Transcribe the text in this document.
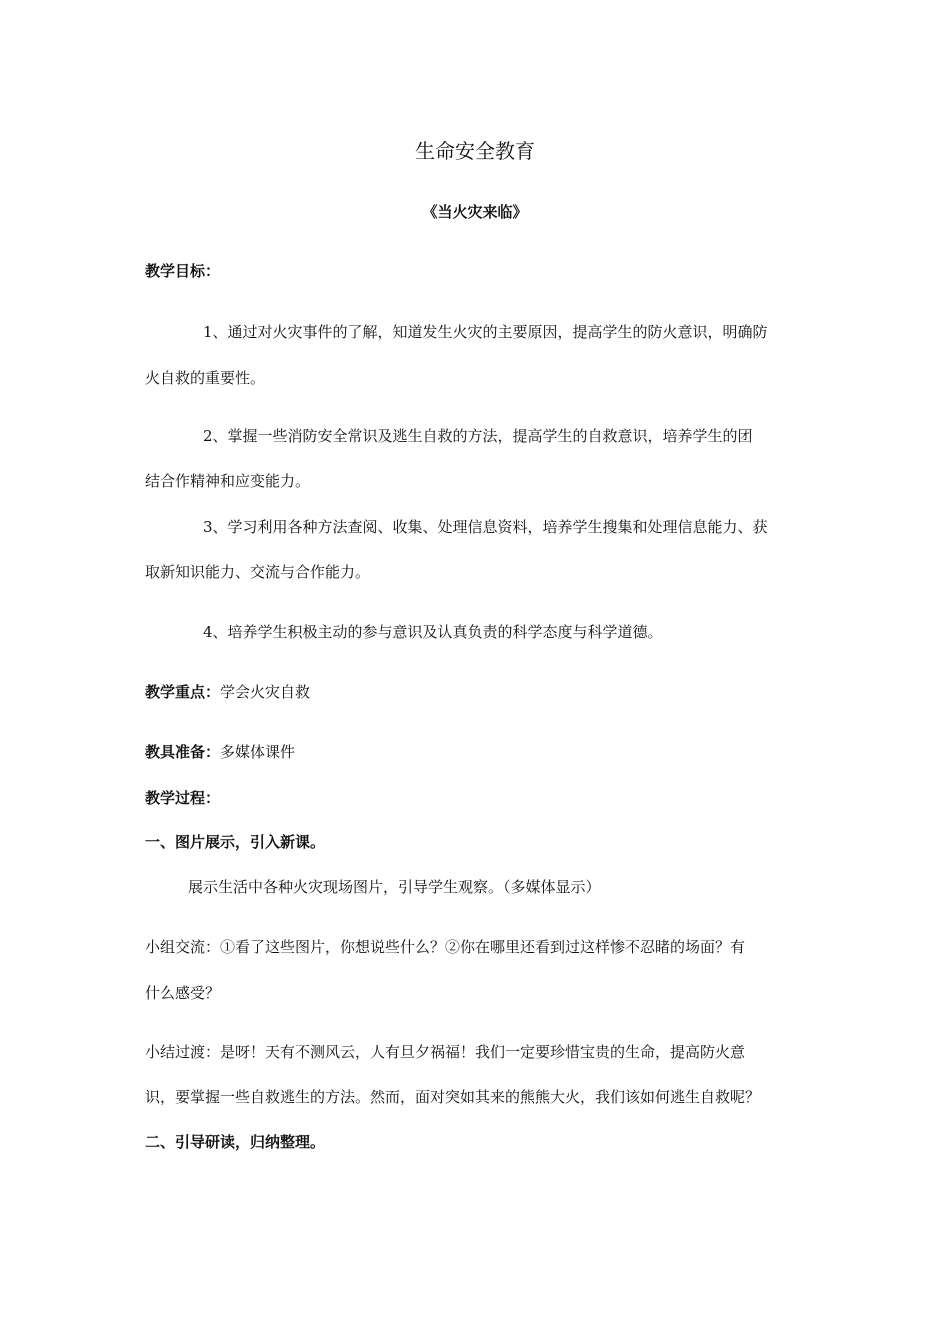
生命安全教育
《当火灾来临》
教学目标：
1、通过对火灾事件的了解，知道发生火灾的主要原因，提高学生的防火意识，明确防
火自救的重要性。
2、掌握一些消防安全常识及逃生自救的方法，提高学生的自救意识，培养学生的团
结合作精神和应变能力。
3、学习利用各种方法查阅、收集、处理信息资料，培养学生搜集和处理信息能力、获
取新知识能力、交流与合作能力。
4、培养学生积极主动的参与意识及认真负责的科学态度与科学道德。
教学重点：学会火灾自救
教具准备：多媒体课件
教学过程：
一、图片展示，引入新课。
展示生活中各种火灾现场图片，引导学生观察。（多媒体显示）
小组交流：①看了这些图片，你想说些什么？②你在哪里还看到过这样惨不忍睹的场面？有
什么感受？
小结过渡：是呀！天有不测风云，人有旦夕祸福！我们一定要珍惜宝贵的生命，提高防火意
识，要掌握一些自救逃生的方法。然而，面对突如其来的熊熊大火，我们该如何逃生自救呢？
二、引导研读，归纳整理。
